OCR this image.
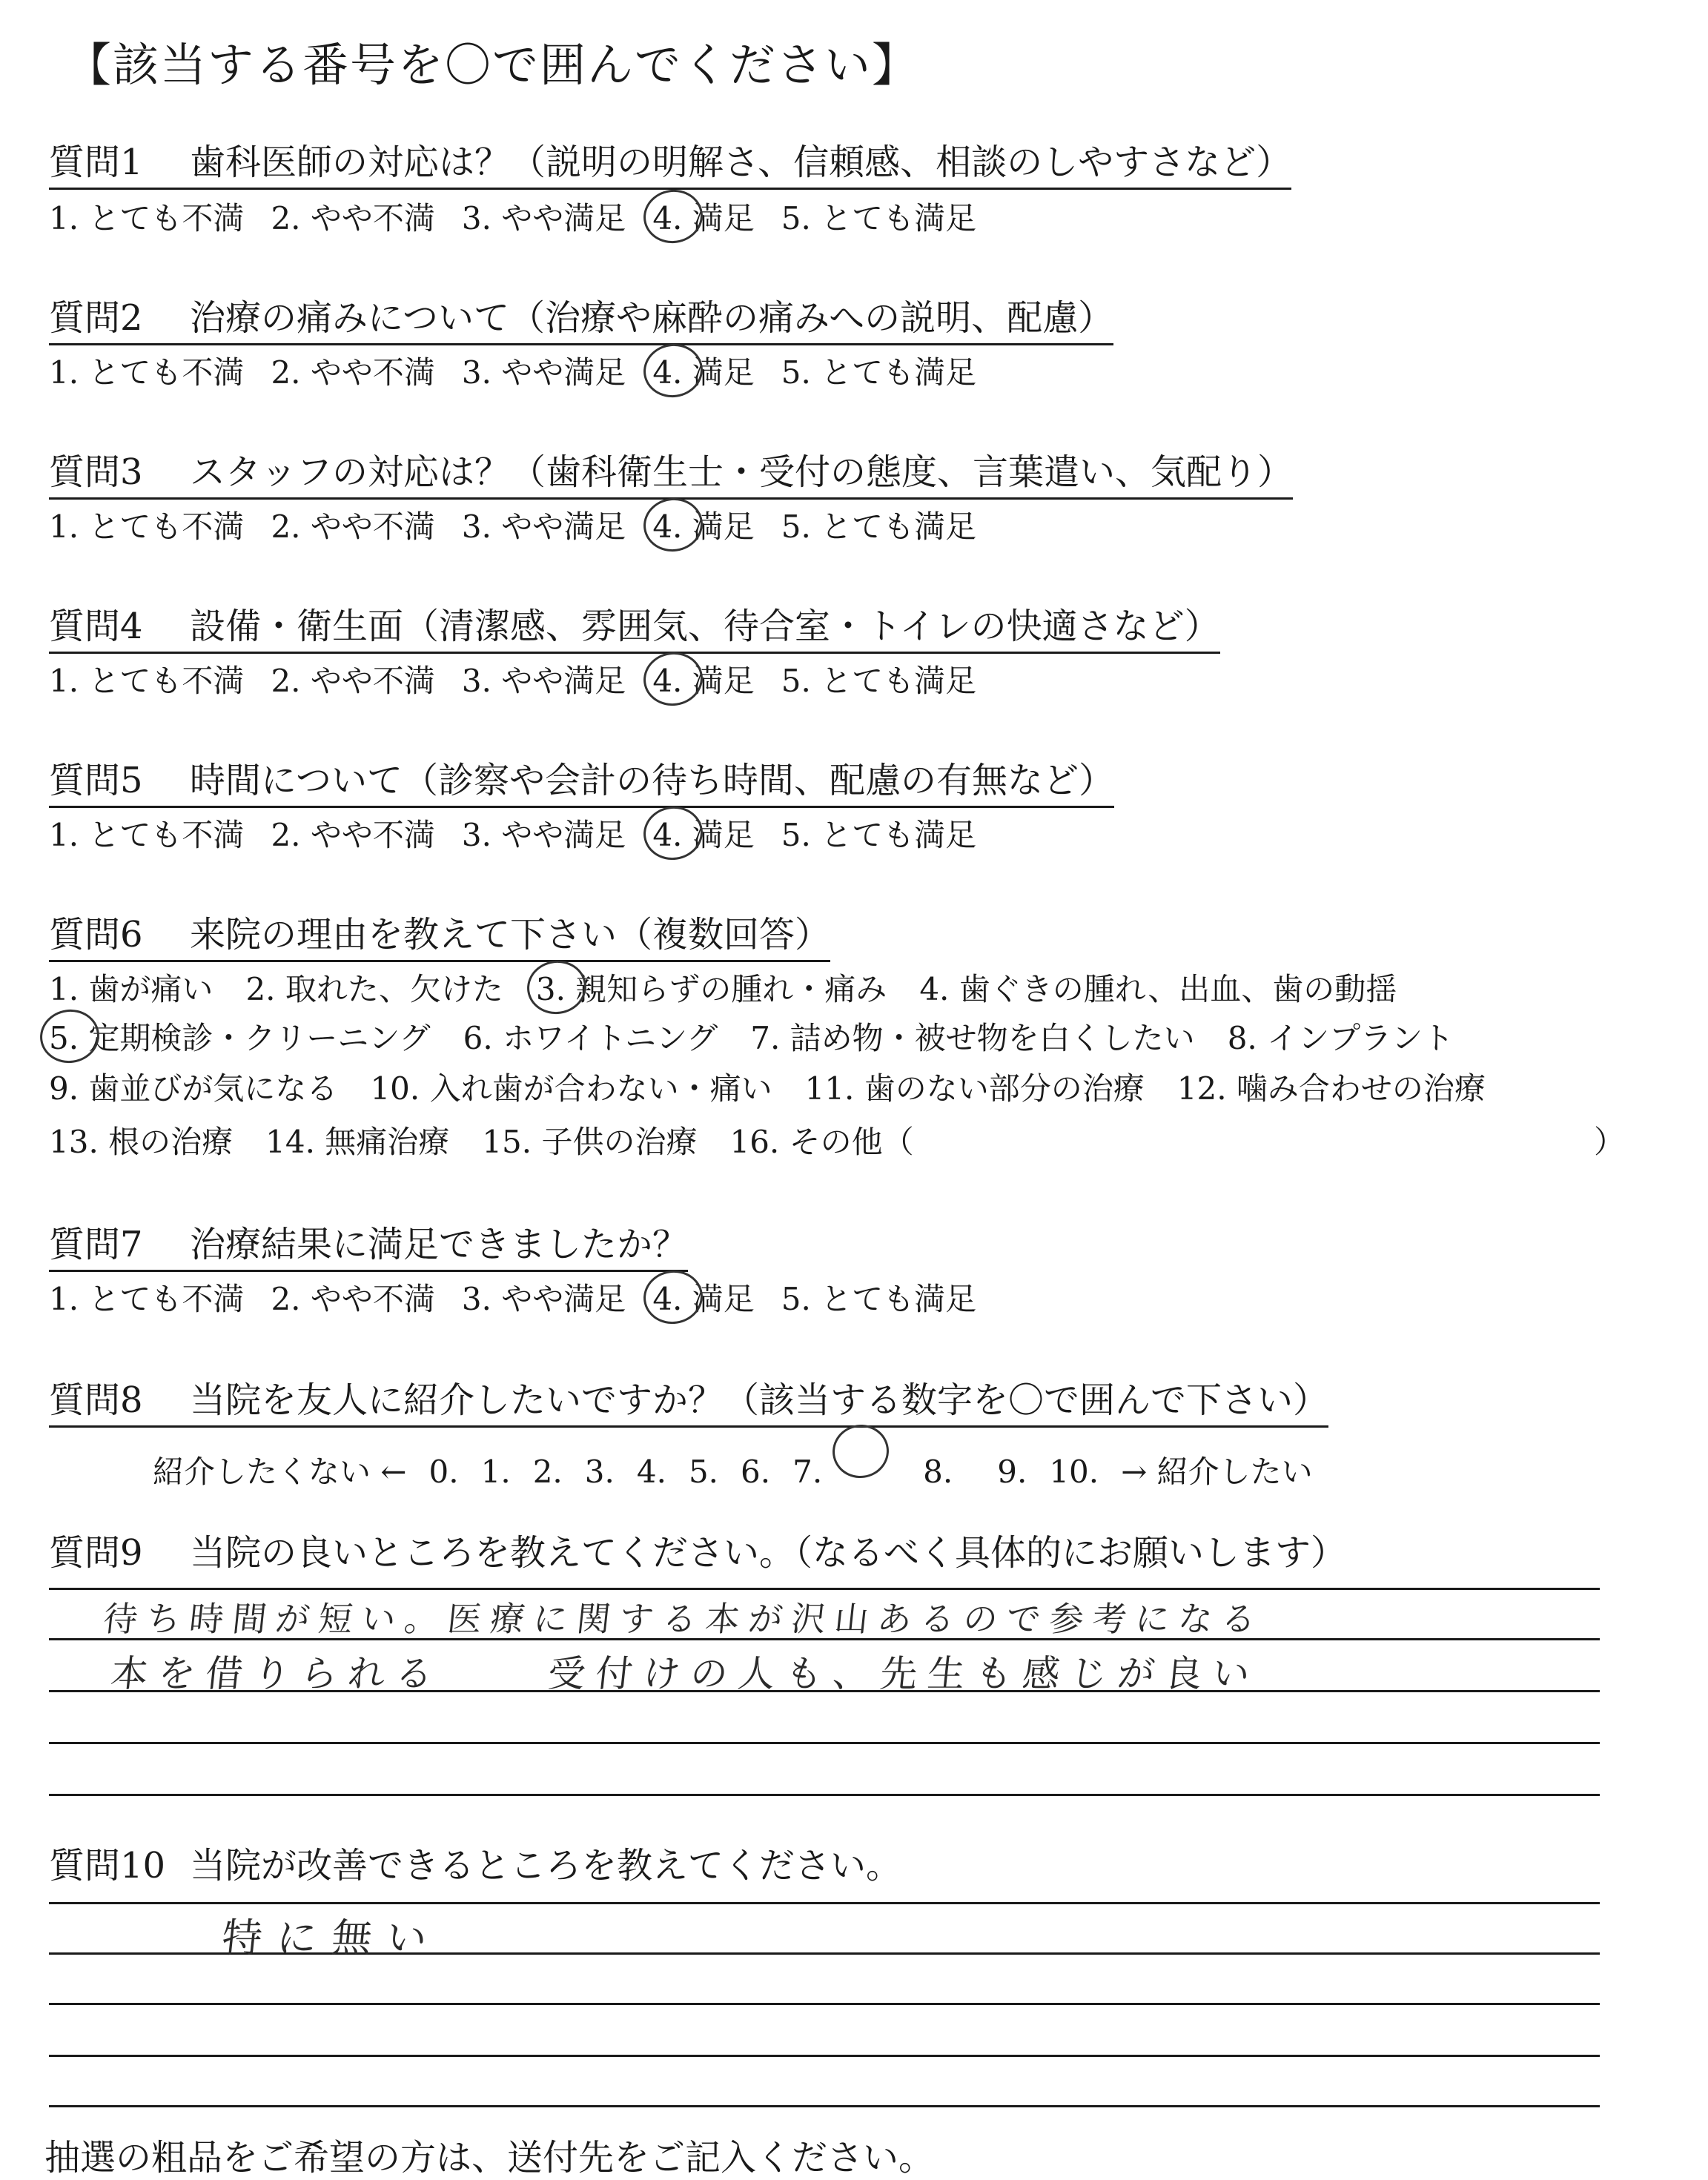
【該当する番号を〇で囲んでください】
質問1 歯科医師の対応は？（説明の明解さ、信頼感、相談のしやすさなど）
1. とても不満 2. やや不満 3. やや満足 4. 満足 5. とても満足
質問2 治療の痛みについて（治療や麻酔の痛みへの説明、配慮）
1. とても不満 2. やや不満 3. やや満足 4. 満足 5. とても満足
質問3 スタッフの対応は？（歯科衛生士・受付の態度、言葉遣い、気配り）
1. とても不満 2. やや不満 3. やや満足 4. 満足 5. とても満足
質問4 設備・衛生面（清潔感、雰囲気、待合室・トイレの快適さなど）
1. とても不満 2. やや不満 3. やや満足 4. 満足 5. とても満足
質問5 時間について（診察や会計の待ち時間、配慮の有無など）
1. とても不満 2. やや不満 3. やや満足 4. 満足 5. とても満足
質問6 来院の理由を教えて下さい（複数回答）
1. 歯が痛い 2. 取れた、欠けた 3. 親知らずの腫れ・痛み 4. 歯ぐきの腫れ、出血、歯の動揺
5. 定期検診・クリーニング 6. ホワイトニング 7. 詰め物・被せ物を白くしたい 8. インプラント
9. 歯並びが気になる 10. 入れ歯が合わない・痛い 11. 歯のない部分の治療 12. 噛み合わせの治療
13. 根の治療 14. 無痛治療 15. 子供の治療 16. その他（	）
質問7 治療結果に満足できましたか？
1. とても不満 2. やや不満 3. やや満足 4. 満足 5. とても満足
質問8 当院を友人に紹介したいですか？（該当する数字を〇で囲んで下さい）
紹介したくない ← 0. 1. 2. 3. 4. 5. 6. 7.	8. 9. 10. → 紹介したい
質問9 当院の良いところを教えてください。（なるべく具体的にお願いします）
待ち時間が短い。医療に関する本が沢山あるので参考になる
本を借りられる	受付けの人も、先生も感じが良い
質問10 当院が改善できるところを教えてください。
特に無い
抽選の粗品をご希望の方は、送付先をご記入ください。
